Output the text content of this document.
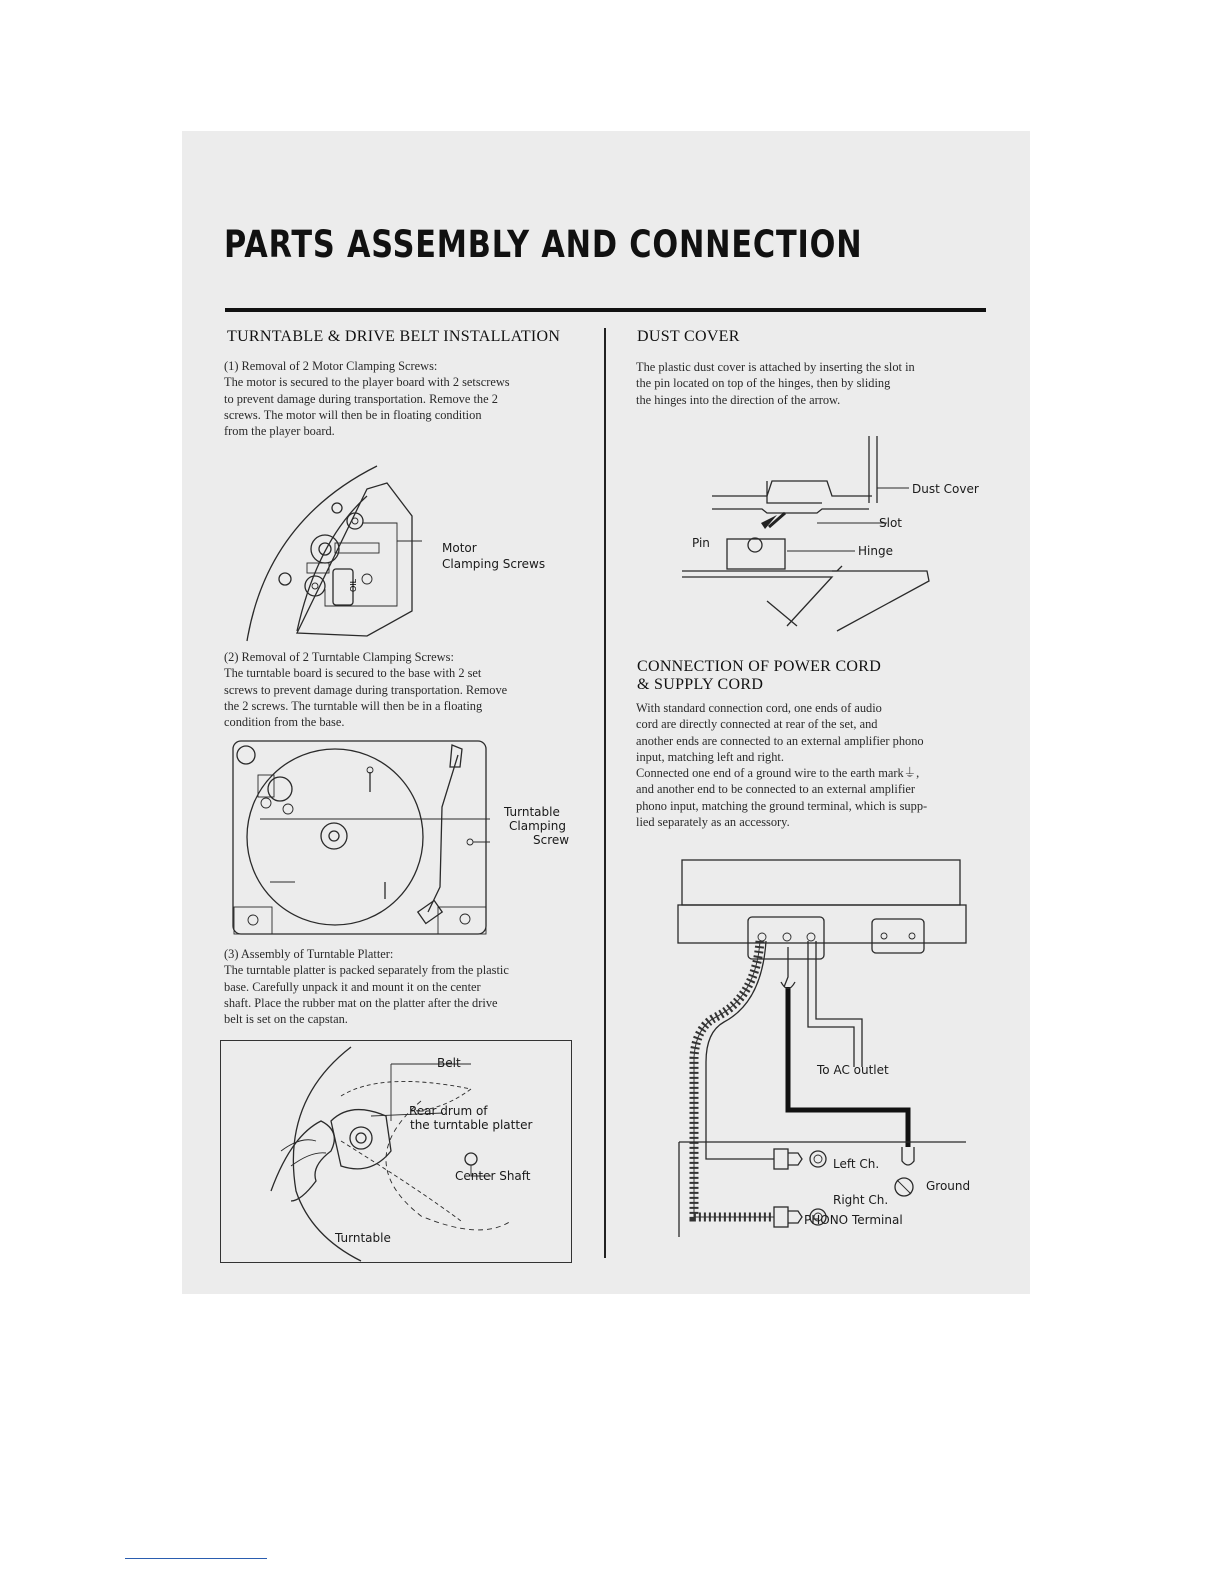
PARTS ASSEMBLY AND CONNECTION
TURNTABLE & DRIVE BELT INSTALLATION
(1) Removal of 2 Motor Clamping Screws:
The motor is secured to the player board with 2 setscrews
to prevent damage during transportation. Remove the 2
screws. The motor will then be in floating condition
from the player board.
OIL
Motor
Clamping Screws
(2) Removal of 2 Turntable Clamping Screws:
The turntable board is secured to the base with 2 set
screws to prevent damage during transportation. Remove
the 2 screws. The turntable will then be in a floating
condition from the base.
Turntable
Clamping
Screw
(3) Assembly of Turntable Platter:
The turntable platter is packed separately from the plastic
base. Carefully unpack it and mount it on the center
shaft. Place the rubber mat on the platter after the drive
belt is set on the capstan.
Belt
Rear drum of
the turntable platter
Center Shaft
Turntable
DUST COVER
The plastic dust cover is attached by inserting the slot in
the pin located on top of the hinges, then by sliding
the hinges into the direction of the arrow.
Dust Cover
Slot
Pin
Hinge
CONNECTION OF POWER CORD
& SUPPLY CORD
With standard connection cord, one ends of audio
cord are directly connected at rear of the set, and
another ends are connected to an external amplifier phono
input, matching left and right.
Connected one end of a ground wire to the earth mark⏚,
and another end to be connected to an external amplifier
phono input, matching the ground terminal, which is supp-
lied separately as an accessory.
To AC outlet
Left Ch.
Right Ch.
Ground
PHONO Terminal
